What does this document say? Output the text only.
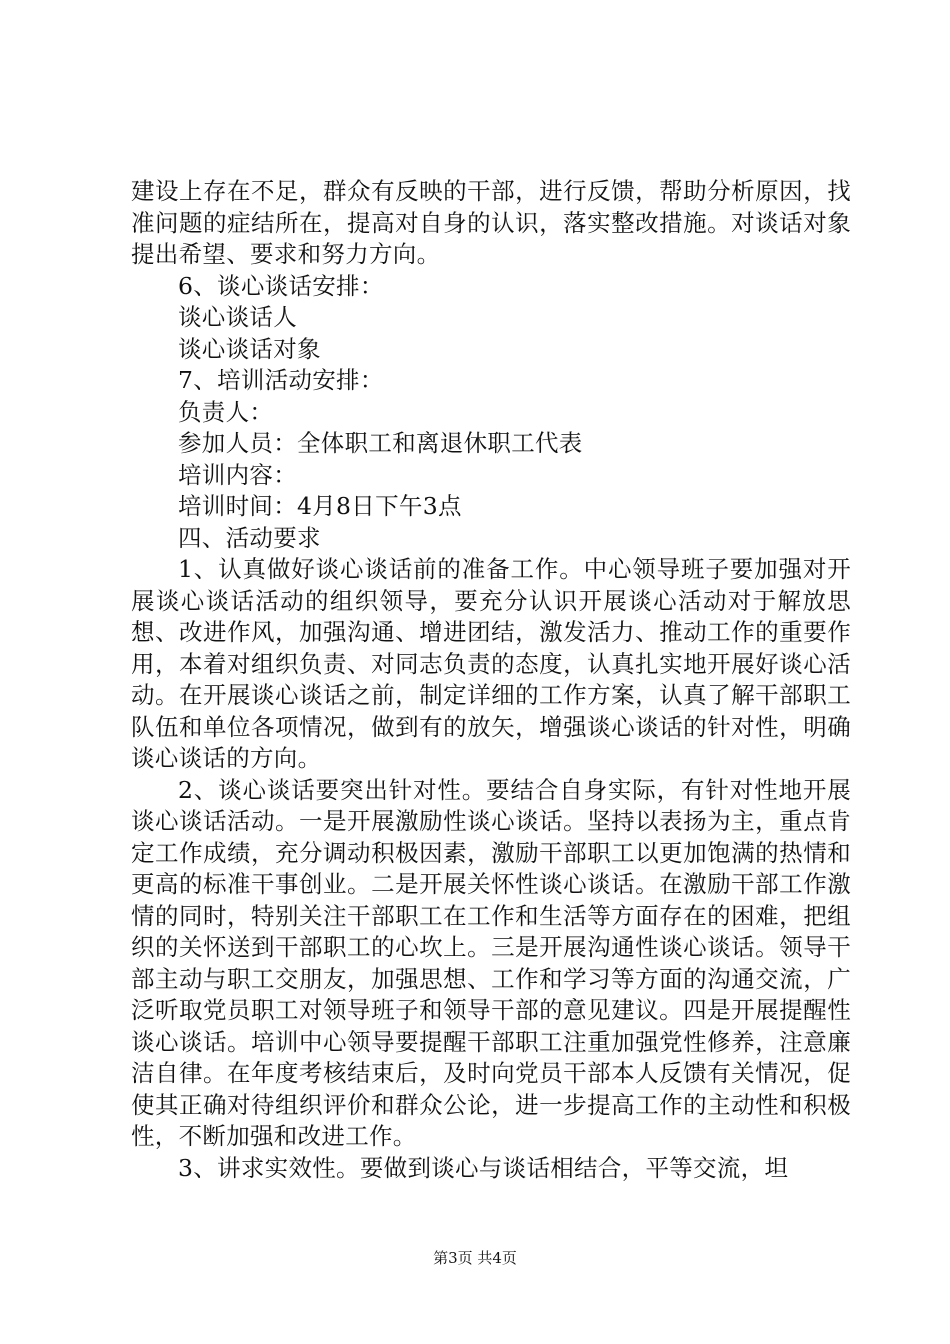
建设上存在不足，群众有反映的干部，进行反馈，帮助分析原因，找准问题的症结所在，提高对自身的认识，落实整改措施。对谈话对象提出希望、要求和努力方向。

6、谈心谈话安排：

谈心谈话人

谈心谈话对象

7、培训活动安排：

负责人：

参加人员：全体职工和离退休职工代表

培训内容：

培训时间：4月8日下午3点

四、活动要求

1、认真做好谈心谈话前的准备工作。中心领导班子要加强对开展谈心谈话活动的组织领导，要充分认识开展谈心活动对于解放思想、改进作风，加强沟通、增进团结，激发活力、推动工作的重要作用，本着对组织负责、对同志负责的态度，认真扎实地开展好谈心活动。在开展谈心谈话之前，制定详细的工作方案，认真了解干部职工队伍和单位各项情况，做到有的放矢，增强谈心谈话的针对性，明确谈心谈话的方向。

2、谈心谈话要突出针对性。要结合自身实际，有针对性地开展谈心谈话活动。一是开展激励性谈心谈话。坚持以表扬为主，重点肯定工作成绩，充分调动积极因素，激励干部职工以更加饱满的热情和更高的标准干事创业。二是开展关怀性谈心谈话。在激励干部工作激情的同时，特别关注干部职工在工作和生活等方面存在的困难，把组织的关怀送到干部职工的心坎上。三是开展沟通性谈心谈话。领导干部主动与职工交朋友，加强思想、工作和学习等方面的沟通交流，广泛听取党员职工对领导班子和领导干部的意见建议。四是开展提醒性谈心谈话。培训中心领导要提醒干部职工注重加强党性修养，注意廉洁自律。在年度考核结束后，及时向党员干部本人反馈有关情况，促使其正确对待组织评价和群众公论，进一步提高工作的主动性和积极性，不断加强和改进工作。

3、讲求实效性。要做到谈心与谈话相结合，平等交流，坦

第3页 共4页
